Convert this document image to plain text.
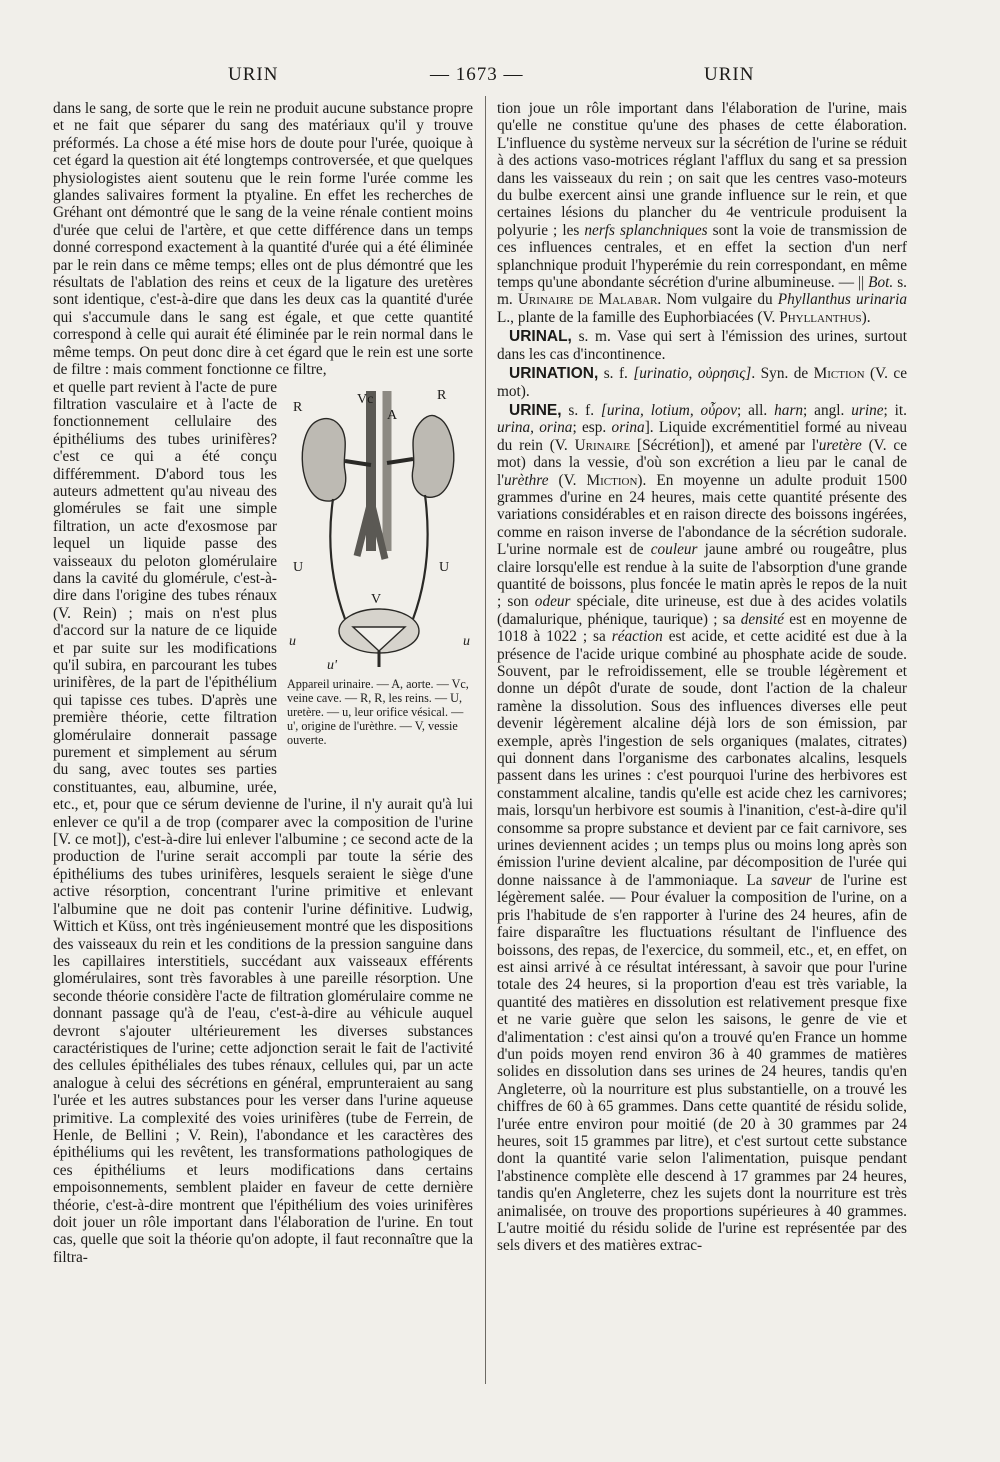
URIN	— 1673 —	URIN

dans le sang, de sorte que le rein ne produit aucune substance propre et ne fait que séparer du sang des matériaux qu'il y trouve préformés. La chose a été mise hors de doute pour l'urée, quoique à cet égard la question ait été longtemps controversée, et que quelques physiologistes aient soutenu que le rein forme l'urée comme les glandes salivaires forment la ptyaline. En effet les recherches de Gréhant ont démontré que le sang de la veine rénale contient moins d'urée que celui de l'artère, et que cette différence dans un temps donné correspond exactement à la quantité d'urée qui a été éliminée par le rein dans ce même temps; elles ont de plus démontré que les résultats de l'ablation des reins et ceux de la ligature des uretères sont identique, c'est-à-dire que dans les deux cas la quantité d'urée qui s'accumule dans le sang est égale, et que cette quantité correspond à celle qui aurait été éliminée par le rein normal dans le même temps. On peut donc dire à cet égard que le rein est une sorte de filtre : mais comment fonctionne ce filtre,

R
Vc
A
R
U	U
V
u	u
u'
Appareil urinaire. — A, aorte. — Vc, veine cave. — R, R, les reins. — U, uretère. — u, leur orifice vésical. — u', origine de l'urèthre. — V, vessie ouverte.

et quelle part revient à l'acte de pure filtration vasculaire et à l'acte de fonctionnement cellulaire des épithéliums des tubes urinifères? c'est ce qui a été conçu différemment. D'abord tous les auteurs admettent qu'au niveau des glomérules se fait une simple filtration, un acte d'exosmose par lequel un liquide passe des vaisseaux du peloton glomérulaire dans la cavité du glomérule, c'est-à-dire dans l'origine des tubes rénaux (V. Rein) ; mais on n'est plus d'accord sur la nature de ce liquide et par suite sur les modifications qu'il subira, en parcourant les tubes urinifères, de la part de l'épithélium qui tapisse ces tubes. D'après une première théorie, cette filtration glomérulaire donnerait passage purement et simplement au sérum du sang, avec toutes ses parties constituantes, eau, albumine, urée, etc., et, pour que ce sérum devienne de l'urine, il n'y aurait qu'à lui enlever ce qu'il a de trop (comparer avec la composition de l'urine [V. ce mot]), c'est-à-dire lui enlever l'albumine ; ce second acte de la production de l'urine serait accompli par toute la série des épithéliums des tubes urinifères, lesquels seraient le siège d'une active résorption, concentrant l'urine primitive et enlevant l'albumine que ne doit pas contenir l'urine définitive. Ludwig, Wittich et Küss, ont très ingénieusement montré que les dispositions des vaisseaux du rein et les conditions de la pression sanguine dans les capillaires interstitiels, succédant aux vaisseaux efférents glomérulaires, sont très favorables à une pareille résorption. Une seconde théorie considère l'acte de filtration glomérulaire comme ne donnant passage qu'à de l'eau, c'est-à-dire au véhicule auquel devront s'ajouter ultérieurement les diverses substances caractéristiques de l'urine; cette adjonction serait le fait de l'activité des cellules épithéliales des tubes rénaux, cellules qui, par un acte analogue à celui des sécrétions en général, emprunteraient au sang l'urée et les autres substances pour les verser dans l'urine aqueuse primitive. La complexité des voies urinifères (tube de Ferrein, de Henle, de Bellini ; V. Rein), l'abondance et les caractères des épithéliums qui les revêtent, les transformations pathologiques de ces épithéliums et leurs modifications dans certains empoisonnements, semblent plaider en faveur de cette dernière théorie, c'est-à-dire montrent que l'épithélium des voies urinifères doit jouer un rôle important dans l'élaboration de l'urine. En tout cas, quelle que soit la théorie qu'on adopte, il faut reconnaître que la filtra-

tion joue un rôle important dans l'élaboration de l'urine, mais qu'elle ne constitue qu'une des phases de cette élaboration. L'influence du système nerveux sur la sécrétion de l'urine se réduit à des actions vaso-motrices réglant l'afflux du sang et sa pression dans les vaisseaux du rein ; on sait que les centres vaso-moteurs du bulbe exercent ainsi une grande influence sur le rein, et que certaines lésions du plancher du 4e ventricule produisent la polyurie ; les nerfs splanchniques sont la voie de transmission de ces influences centrales, et en effet la section d'un nerf splanchnique produit l'hyperémie du rein correspondant, en même temps qu'une abondante sécrétion d'urine albumineuse. — || Bot. s. m. Urinaire de Malabar. Nom vulgaire du Phyllanthus urinaria L., plante de la famille des Euphorbiacées (V. Phyllanthus).

URINAL, s. m. Vase qui sert à l'émission des urines, surtout dans les cas d'incontinence.

URINATION, s. f. [urinatio, οὐρησις]. Syn. de Miction (V. ce mot).

URINE, s. f. [urina, lotium, οὖρον; all. harn; angl. urine; it. urina, orina; esp. orina]. Liquide excrémentitiel formé au niveau du rein (V. Urinaire [Sécrétion]), et amené par l'uretère (V. ce mot) dans la vessie, d'où son excrétion a lieu par le canal de l'urèthre (V. Miction). En moyenne un adulte produit 1500 grammes d'urine en 24 heures, mais cette quantité présente des variations considérables et en raison directe des boissons ingérées, comme en raison inverse de l'abondance de la sécrétion sudorale. L'urine normale est de couleur jaune ambré ou rougeâtre, plus claire lorsqu'elle est rendue à la suite de l'absorption d'une grande quantité de boissons, plus foncée le matin après le repos de la nuit ; son odeur spéciale, dite urineuse, est due à des acides volatils (damalurique, phénique, taurique) ; sa densité est en moyenne de 1018 à 1022 ; sa réaction est acide, et cette acidité est due à la présence de l'acide urique combiné au phosphate acide de soude. Souvent, par le refroidissement, elle se trouble légèrement et donne un dépôt d'urate de soude, dont l'action de la chaleur ramène la dissolution. Sous des influences diverses elle peut devenir légèrement alcaline déjà lors de son émission, par exemple, après l'ingestion de sels organiques (malates, citrates) qui donnent dans l'organisme des carbonates alcalins, lesquels passent dans les urines : c'est pourquoi l'urine des herbivores est constamment alcaline, tandis qu'elle est acide chez les carnivores; mais, lorsqu'un herbivore est soumis à l'inanition, c'est-à-dire qu'il consomme sa propre substance et devient par ce fait carnivore, ses urines deviennent acides ; un temps plus ou moins long après son émission l'urine devient alcaline, par décomposition de l'urée qui donne naissance à de l'ammoniaque. La saveur de l'urine est légèrement salée. — Pour évaluer la composition de l'urine, on a pris l'habitude de s'en rapporter à l'urine des 24 heures, afin de faire disparaître les fluctuations résultant de l'influence des boissons, des repas, de l'exercice, du sommeil, etc., et, en effet, on est ainsi arrivé à ce résultat intéressant, à savoir que pour l'urine totale des 24 heures, si la proportion d'eau est très variable, la quantité des matières en dissolution est relativement presque fixe et ne varie guère que selon les saisons, le genre de vie et d'alimentation : c'est ainsi qu'on a trouvé qu'en France un homme d'un poids moyen rend environ 36 à 40 grammes de matières solides en dissolution dans ses urines de 24 heures, tandis qu'en Angleterre, où la nourriture est plus substantielle, on a trouvé les chiffres de 60 à 65 grammes. Dans cette quantité de résidu solide, l'urée entre environ pour moitié (de 20 à 30 grammes par 24 heures, soit 15 grammes par litre), et c'est surtout cette substance dont la quantité varie selon l'alimentation, puisque pendant l'abstinence complète elle descend à 17 grammes par 24 heures, tandis qu'en Angleterre, chez les sujets dont la nourriture est très animalisée, on trouve des proportions supérieures à 40 grammes. L'autre moitié du résidu solide de l'urine est représentée par des sels divers et des matières extrac-
